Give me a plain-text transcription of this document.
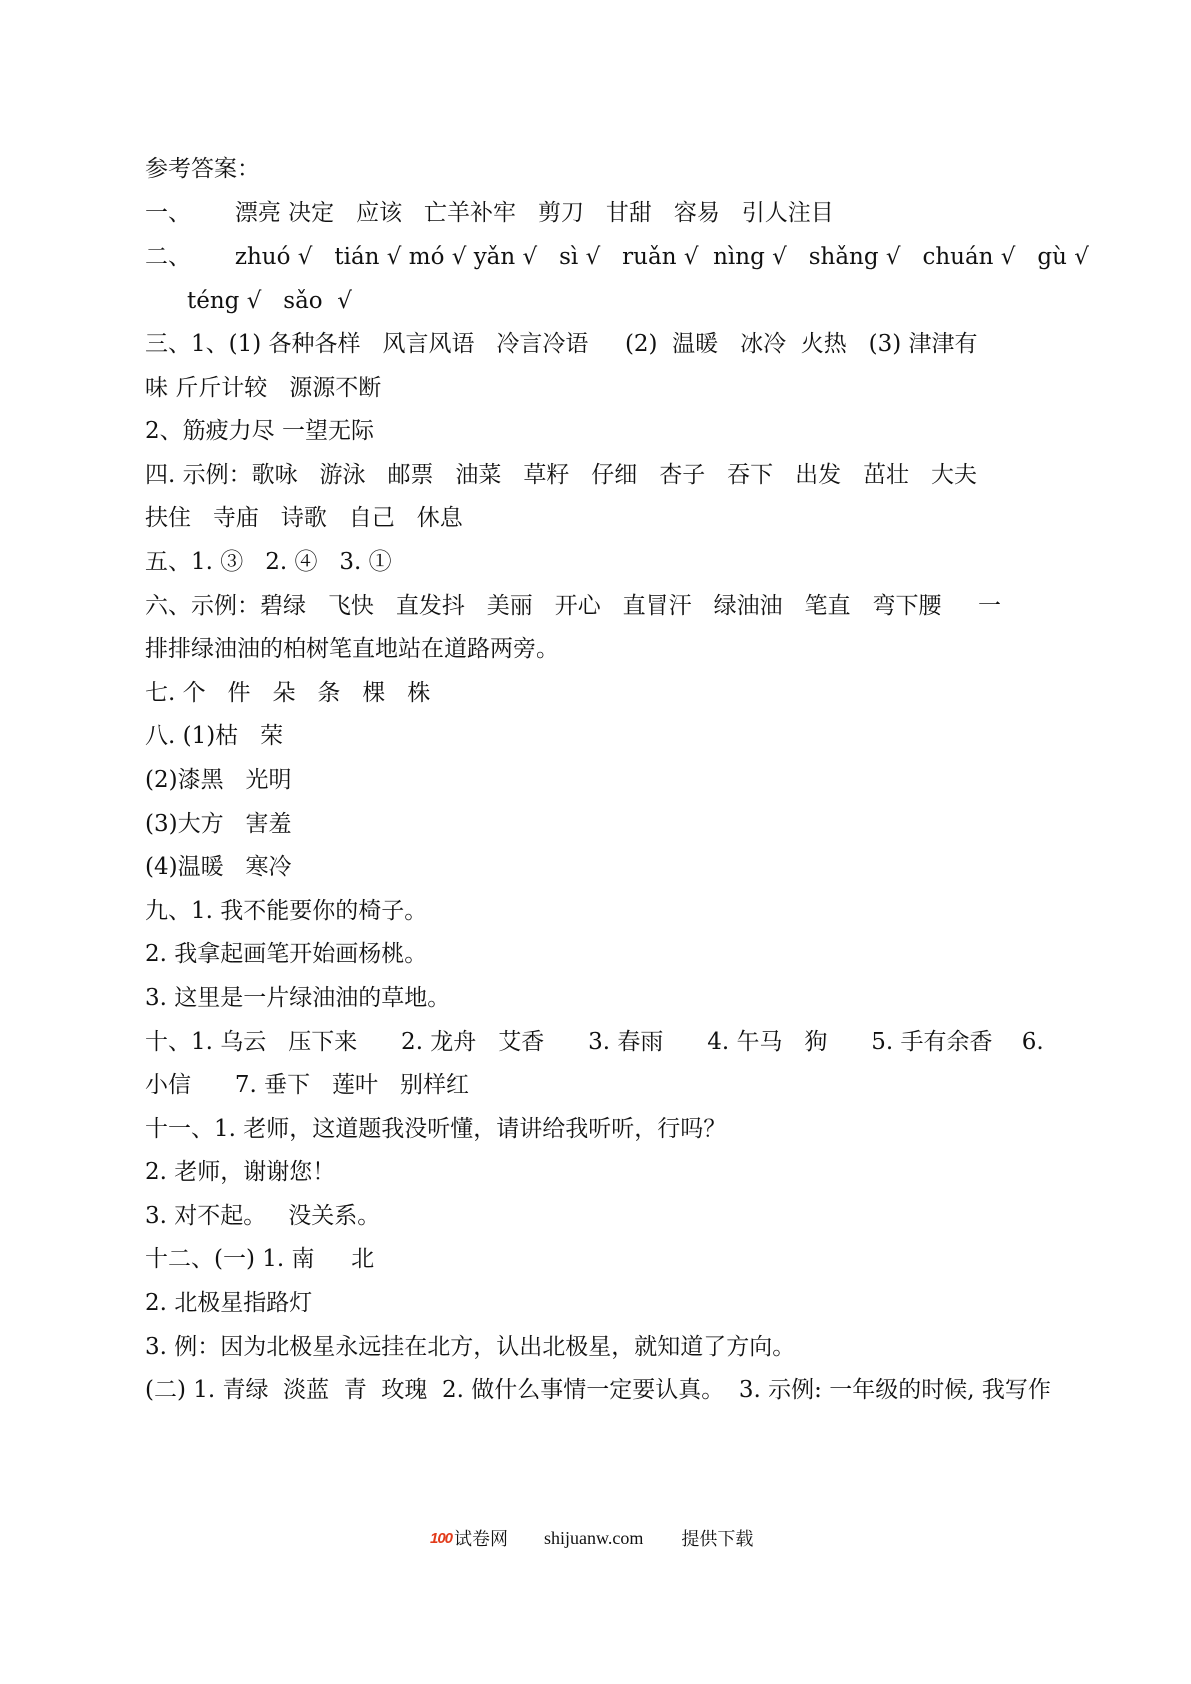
参考答案：
一、      漂亮 决定   应该   亡羊补牢   剪刀   甘甜   容易   引人注目
二、      zhuó √   tián √ mó √ yǎn √   sì √   ruǎn √  nìng √   shǎng √   chuán √   gù √
téng √   sǎo  √
三、1、(1) 各种各样   风言风语   冷言冷语     (2)  温暖   冰冷  火热   (3) 津津有
味 斤斤计较   源源不断
2、筋疲力尽 一望无际
四. 示例：歌咏   游泳   邮票   油菜   草籽   仔细   杏子   吞下   出发   茁壮   大夫
扶住   寺庙   诗歌   自己   休息
五、1. ③   2. ④   3. ①
六、示例：碧绿   飞快   直发抖   美丽   开心   直冒汗   绿油油   笔直   弯下腰     一
排排绿油油的柏树笔直地站在道路两旁。
七. 个   件   朵   条   棵   株
八. (1)枯   荣
(2)漆黑   光明
(3)大方   害羞
(4)温暖   寒冷
九、1. 我不能要你的椅子。
2. 我拿起画笔开始画杨桃。
3. 这里是一片绿油油的草地。
十、1. 乌云   压下来      2. 龙舟   艾香      3. 春雨      4. 午马   狗      5. 手有余香    6.
小信      7. 垂下   莲叶   别样红
十一、1. 老师，这道题我没听懂，请讲给我听听，行吗？
2. 老师，谢谢您！
3. 对不起。   没关系。
十二、(一) 1. 南     北
2. 北极星指路灯
3. 例：因为北极星永远挂在北方，认出北极星，就知道了方向。
(二) 1. 青绿  淡蓝  青  玫瑰  2. 做什么事情一定要认真。  3. 示例: 一年级的时候, 我写作
100 试卷网 shijuanw.com 提供下载
